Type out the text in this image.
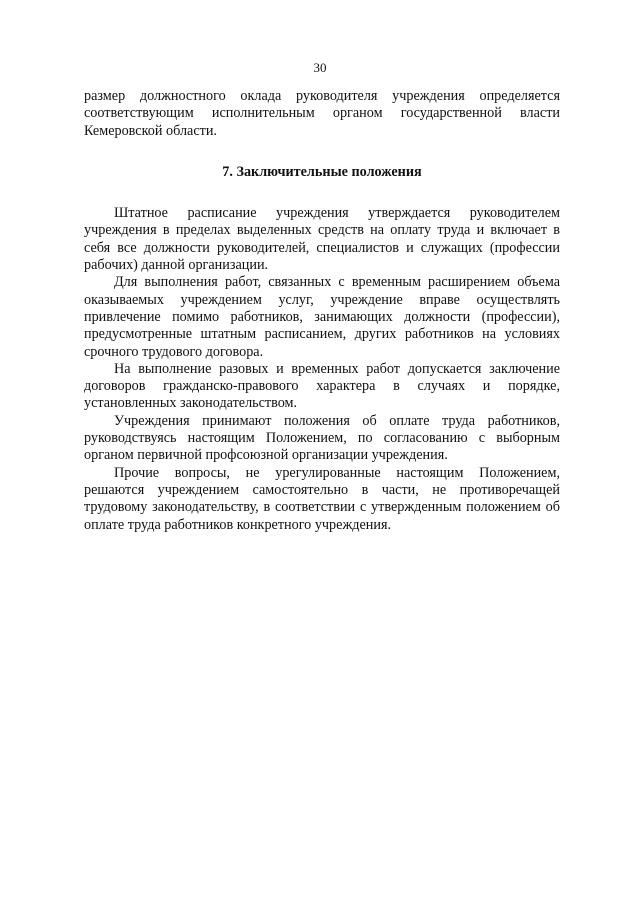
30

размер должностного оклада руководителя учреждения определяется соответствующим исполнительным органом государственной власти Кемеровской области.

7. Заключительные положения

Штатное расписание учреждения утверждается руководителем учреждения в пределах выделенных средств на оплату труда и включает в себя все должности руководителей, специалистов и служащих (профессии рабочих) данной организации.

Для выполнения работ, связанных с временным расширением объема оказываемых учреждением услуг, учреждение вправе осуществлять привлечение помимо работников, занимающих должности (профессии), предусмотренные штатным расписанием, других работников на условиях срочного трудового договора.

На выполнение разовых и временных работ допускается заключение договоров гражданско-правового характера в случаях и порядке, установленных законодательством.

Учреждения принимают положения об оплате труда работников, руководствуясь настоящим Положением, по согласованию с выборным органом первичной профсоюзной организации учреждения.

Прочие вопросы, не урегулированные настоящим Положением, решаются учреждением самостоятельно в части, не противоречащей трудовому законодательству, в соответствии с утвержденным положением об оплате труда работников конкретного учреждения.
